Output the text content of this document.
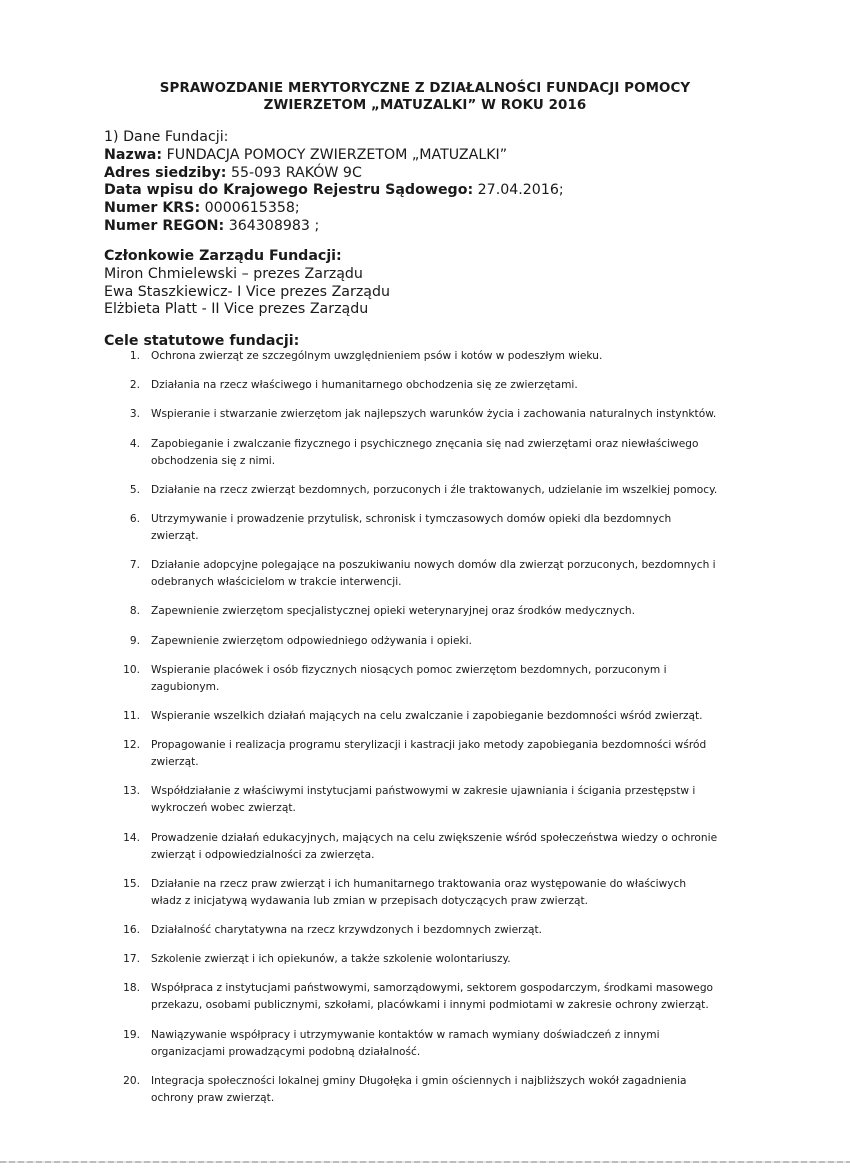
SPRAWOZDANIE MERYTORYCZNE Z DZIAŁALNOŚCI FUNDACJI POMOCY
ZWIERZETOM „MATUZALKI” W ROKU 2016
1) Dane Fundacji:
Nazwa: FUNDACJA POMOCY ZWIERZETOM „MATUZALKI”
Adres siedziby: 55-093 RAKÓW 9C
Data wpisu do Krajowego Rejestru Sądowego: 27.04.2016;
Numer KRS: 0000615358;
Numer REGON: 364308983 ;
Członkowie Zarządu Fundacji:
Miron Chmielewski – prezes Zarządu
Ewa Staszkiewicz- I Vice prezes Zarządu
Elżbieta Platt - II Vice prezes Zarządu
Cele statutowe fundacji:
1. Ochrona zwierząt ze szczególnym uwzględnieniem psów i kotów w podeszłym wieku.
2. Działania na rzecz właściwego i humanitarnego obchodzenia się ze zwierzętami.
3. Wspieranie i stwarzanie zwierzętom jak najlepszych warunków życia i zachowania naturalnych instynktów.
4. Zapobieganie i zwalczanie fizycznego i psychicznego znęcania się nad zwierzętami oraz niewłaściwego
obchodzenia się z nimi.
5. Działanie na rzecz zwierząt bezdomnych, porzuconych i źle traktowanych, udzielanie im wszelkiej pomocy.
6. Utrzymywanie i prowadzenie przytulisk, schronisk i tymczasowych domów opieki dla bezdomnych
zwierząt.
7. Działanie adopcyjne polegające na poszukiwaniu nowych domów dla zwierząt porzuconych, bezdomnych i
odebranych właścicielom w trakcie interwencji.
8. Zapewnienie zwierzętom specjalistycznej opieki weterynaryjnej oraz środków medycznych.
9. Zapewnienie zwierzętom odpowiedniego odżywania i opieki.
10. Wspieranie placówek i osób fizycznych niosących pomoc zwierzętom bezdomnych, porzuconym i
zagubionym.
11. Wspieranie wszelkich działań mających na celu zwalczanie i zapobieganie bezdomności wśród zwierząt.
12. Propagowanie i realizacja programu sterylizacji i kastracji jako metody zapobiegania bezdomności wśród
zwierząt.
13. Współdziałanie z właściwymi instytucjami państwowymi w zakresie ujawniania i ścigania przestępstw i
wykroczeń wobec zwierząt.
14. Prowadzenie działań edukacyjnych, mających na celu zwiększenie wśród społeczeństwa wiedzy o ochronie
zwierząt i odpowiedzialności za zwierzęta.
15. Działanie na rzecz praw zwierząt i ich humanitarnego traktowania oraz występowanie do właściwych
władz z inicjatywą wydawania lub zmian w przepisach dotyczących praw zwierząt.
16. Działalność charytatywna na rzecz krzywdzonych i bezdomnych zwierząt.
17. Szkolenie zwierząt i ich opiekunów, a także szkolenie wolontariuszy.
18. Współpraca z instytucjami państwowymi, samorządowymi, sektorem gospodarczym, środkami masowego
przekazu, osobami publicznymi, szkołami, placówkami i innymi podmiotami w zakresie ochrony zwierząt.
19. Nawiązywanie współpracy i utrzymywanie kontaktów w ramach wymiany doświadczeń z innymi
organizacjami prowadzącymi podobną działalność.
20. Integracja społeczności lokalnej gminy Długołęka i gmin ościennych i najbliższych wokół zagadnienia
ochrony praw zwierząt.
